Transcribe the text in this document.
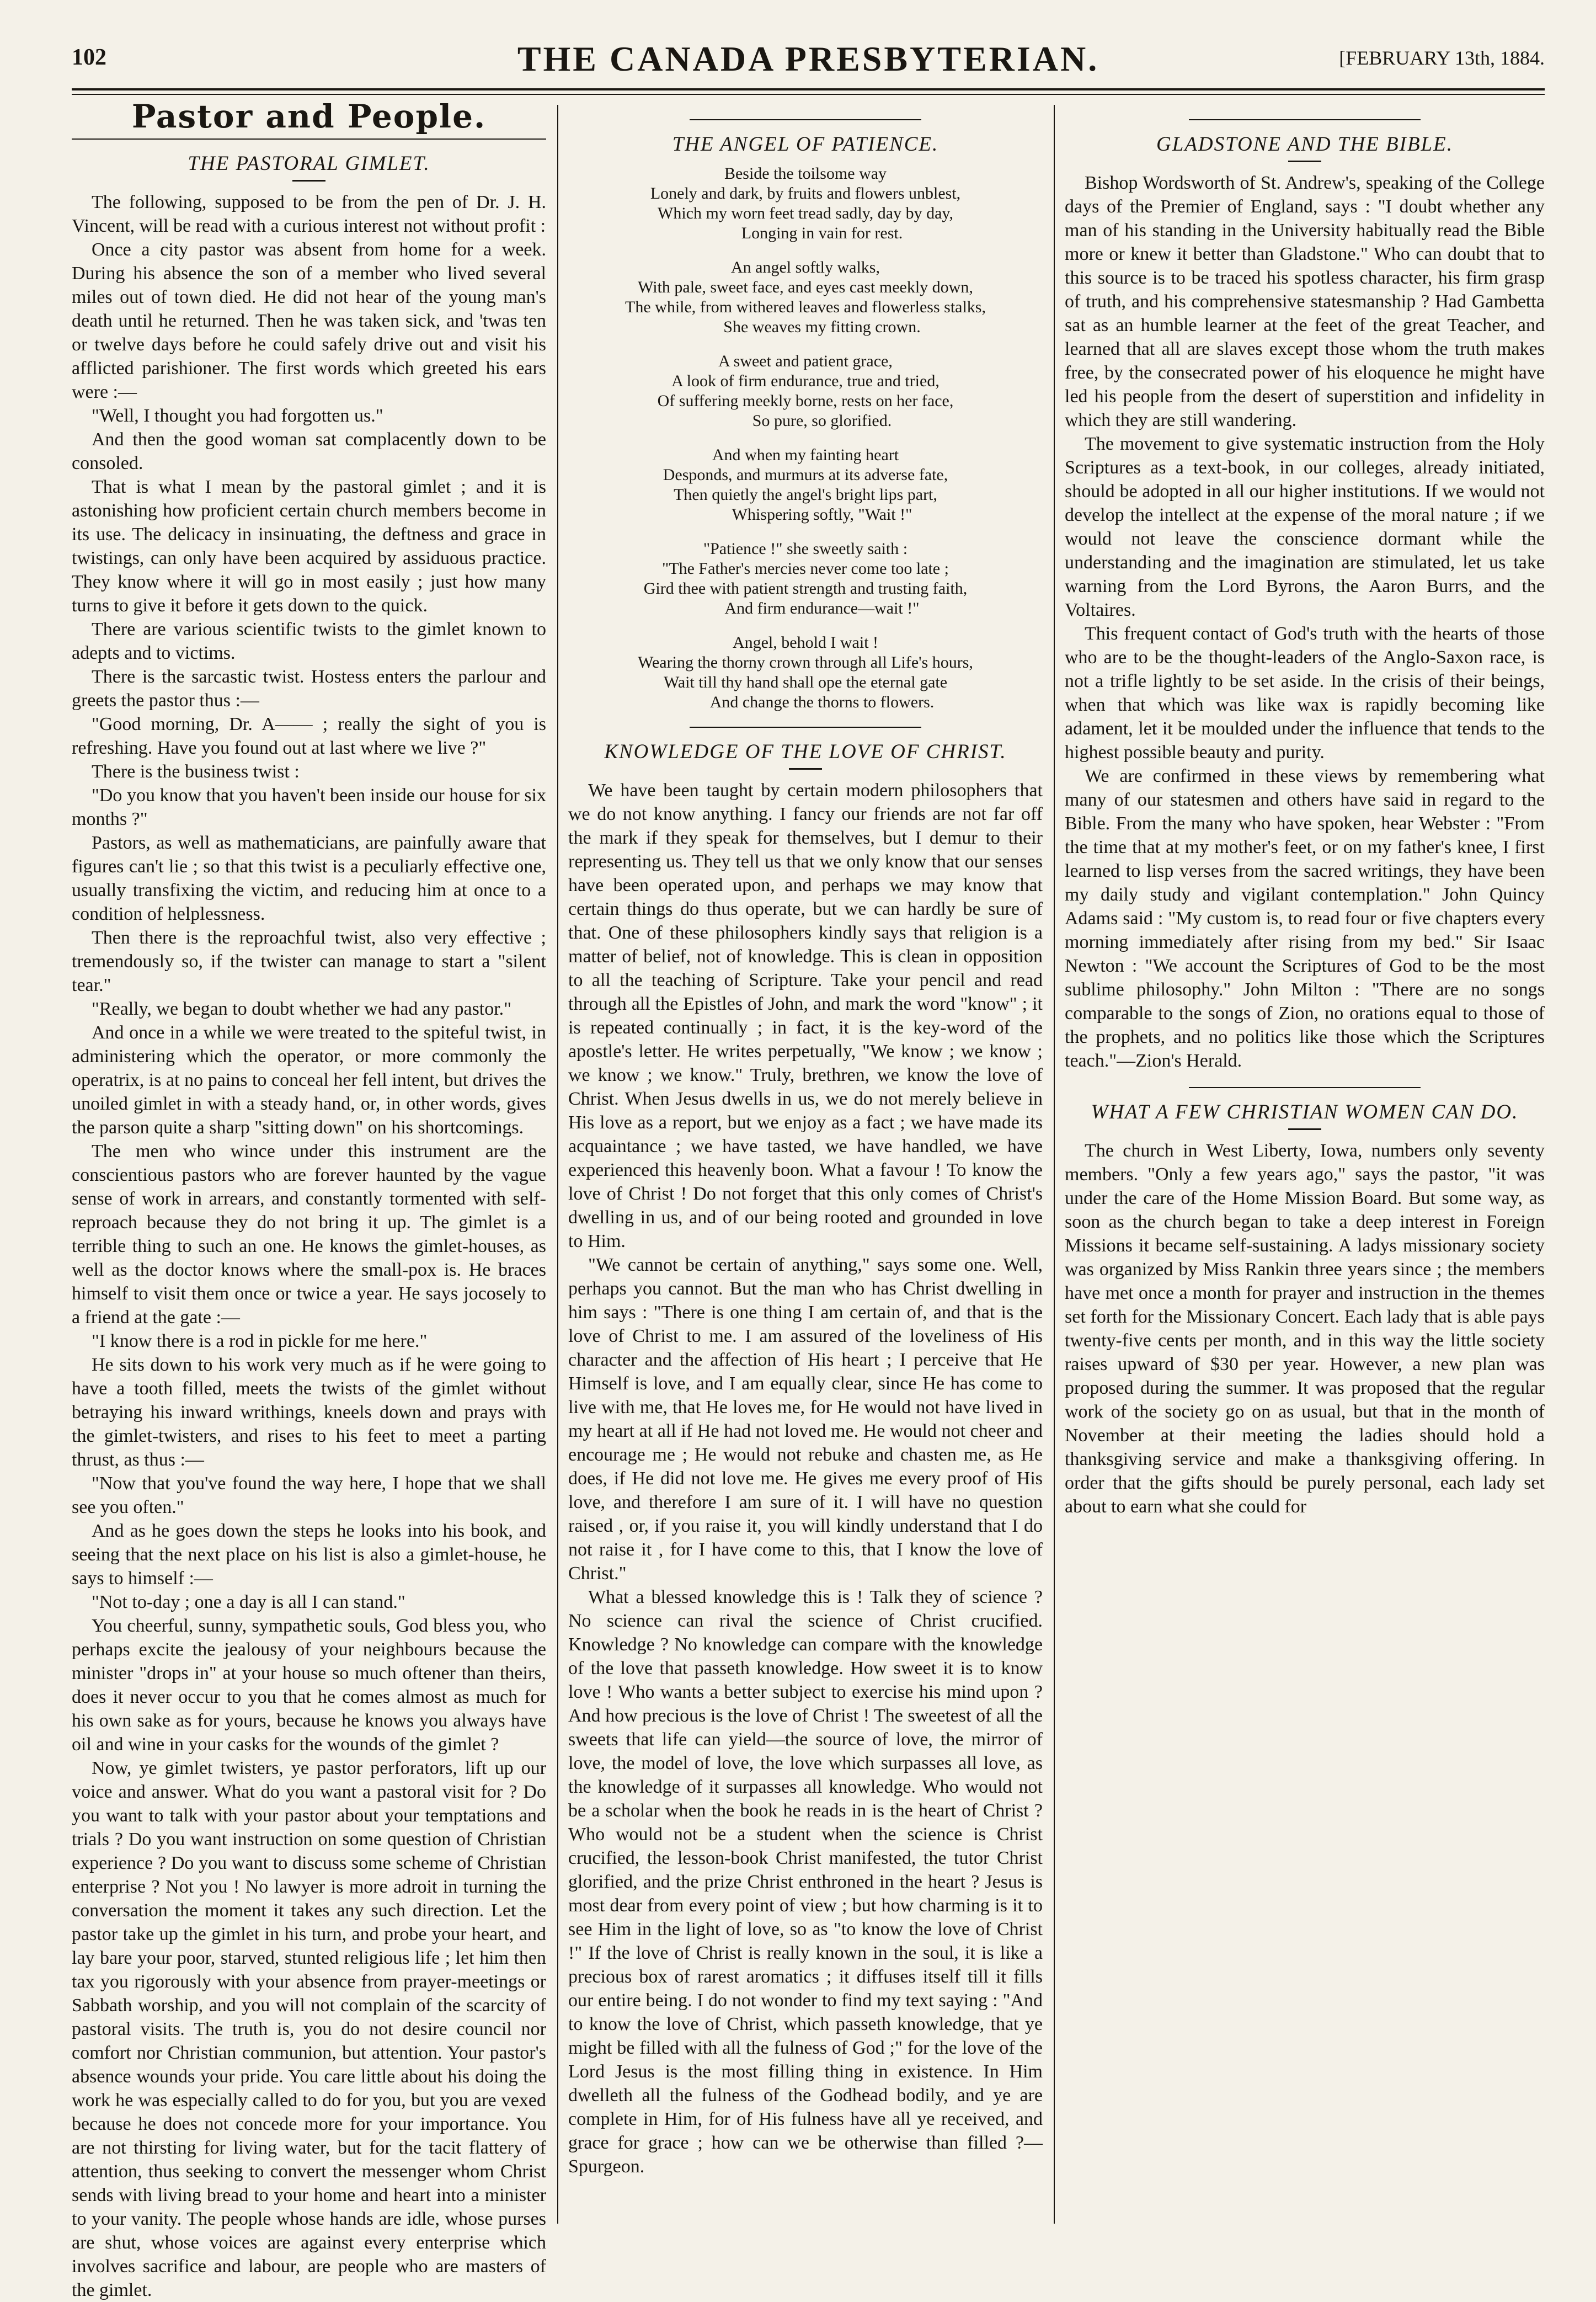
102	THE CANADA PRESBYTERIAN.	[FEBRUARY 13th, 1884.
Pastor and People.
THE PASTORAL GIMLET.

The following, supposed to be from the pen of Dr. J. H. Vincent, will be read with a curious interest not without profit :

Once a city pastor was absent from home for a week. During his absence the son of a member who lived several miles out of town died. He did not hear of the young man's death until he returned. Then he was taken sick, and 'twas ten or twelve days before he could safely drive out and visit his afflicted parishioner. The first words which greeted his ears were :—

"Well, I thought you had forgotten us."

And then the good woman sat complacently down to be consoled.

That is what I mean by the pastoral gimlet ; and it is astonishing how proficient certain church members become in its use. The delicacy in insinuating, the deftness and grace in twistings, can only have been acquired by assiduous practice. They know where it will go in most easily ; just how many turns to give it before it gets down to the quick.

There are various scientific twists to the gimlet known to adepts and to victims.

There is the sarcastic twist. Hostess enters the parlour and greets the pastor thus :—

"Good morning, Dr. A—— ; really the sight of you is refreshing. Have you found out at last where we live ?"

There is the business twist :

"Do you know that you haven't been inside our house for six months ?"

Pastors, as well as mathematicians, are painfully aware that figures can't lie ; so that this twist is a peculiarly effective one, usually transfixing the victim, and reducing him at once to a condition of helplessness.

Then there is the reproachful twist, also very effective ; tremendously so, if the twister can manage to start a "silent tear."

"Really, we began to doubt whether we had any pastor."

And once in a while we were treated to the spiteful twist, in administering which the operator, or more commonly the operatrix, is at no pains to conceal her fell intent, but drives the unoiled gimlet in with a steady hand, or, in other words, gives the parson quite a sharp "sitting down" on his shortcomings.

The men who wince under this instrument are the conscientious pastors who are forever haunted by the vague sense of work in arrears, and constantly tormented with self-reproach because they do not bring it up. The gimlet is a terrible thing to such an one. He knows the gimlet-houses, as well as the doctor knows where the small-pox is. He braces himself to visit them once or twice a year. He says jocosely to a friend at the gate :—

"I know there is a rod in pickle for me here."

He sits down to his work very much as if he were going to have a tooth filled, meets the twists of the gimlet without betraying his inward writhings, kneels down and prays with the gimlet-twisters, and rises to his feet to meet a parting thrust, as thus :—

"Now that you've found the way here, I hope that we shall see you often."

And as he goes down the steps he looks into his book, and seeing that the next place on his list is also a gimlet-house, he says to himself :—

"Not to-day ; one a day is all I can stand."

You cheerful, sunny, sympathetic souls, God bless you, who perhaps excite the jealousy of your neighbours because the minister "drops in" at your house so much oftener than theirs, does it never occur to you that he comes almost as much for his own sake as for yours, because he knows you always have oil and wine in your casks for the wounds of the gimlet ?

Now, ye gimlet twisters, ye pastor perforators, lift up our voice and answer. What do you want a pastoral visit for ? Do you want to talk with your pastor about your temptations and trials ? Do you want instruction on some question of Christian experience ? Do you want to discuss some scheme of Christian enterprise ? Not you ! No lawyer is more adroit in turning the conversation the moment it takes any such direction. Let the pastor take up the gimlet in his turn, and probe your heart, and lay bare your poor, starved, stunted religious life ; let him then tax you rigorously with your absence from prayer-meetings or Sabbath worship, and you will not complain of the scarcity of pastoral visits. The truth is, you do not desire council nor comfort nor Christian communion, but attention. Your pastor's absence wounds your pride. You care little about his doing the work he was especially called to do for you, but you are vexed because he does not concede more for your importance. You are not thirsting for living water, but for the tacit flattery of attention, thus seeking to convert the messenger whom Christ sends with living bread to your home and heart into a minister to your vanity. The people whose hands are idle, whose purses are shut, whose voices are against every enterprise which involves sacrifice and labour, are people who are masters of the gimlet.

THE ANGEL OF PATIENCE.
Beside the toilsome way
Lonely and dark, by fruits and flowers unblest,
Which my worn feet tread sadly, day by day,
Longing in vain for rest.
An angel softly walks,
With pale, sweet face, and eyes cast meekly down,
The while, from withered leaves and flowerless stalks,
She weaves my fitting crown.
A sweet and patient grace,
A look of firm endurance, true and tried,
Of suffering meekly borne, rests on her face,
So pure, so glorified.
And when my fainting heart
Desponds, and murmurs at its adverse fate,
Then quietly the angel's bright lips part,
Whispering softly, "Wait !"
"Patience !" she sweetly saith :
"The Father's mercies never come too late ;
Gird thee with patient strength and trusting faith,
And firm endurance—wait !"
Angel, behold I wait !
Wearing the thorny crown through all Life's hours,
Wait till thy hand shall ope the eternal gate
And change the thorns to flowers.
KNOWLEDGE OF THE LOVE OF CHRIST.

We have been taught by certain modern philosophers that we do not know anything. I fancy our friends are not far off the mark if they speak for themselves, but I demur to their representing us. They tell us that we only know that our senses have been operated upon, and perhaps we may know that certain things do thus operate, but we can hardly be sure of that. One of these philosophers kindly says that religion is a matter of belief, not of knowledge. This is clean in opposition to all the teaching of Scripture. Take your pencil and read through all the Epistles of John, and mark the word "know" ; it is repeated continually ; in fact, it is the key-word of the apostle's letter. He writes perpetually, "We know ; we know ; we know ; we know." Truly, brethren, we know the love of Christ. When Jesus dwells in us, we do not merely believe in His love as a report, but we enjoy as a fact ; we have made its acquaintance ; we have tasted, we have handled, we have experienced this heavenly boon. What a favour ! To know the love of Christ ! Do not forget that this only comes of Christ's dwelling in us, and of our being rooted and grounded in love to Him.

"We cannot be certain of anything," says some one. Well, perhaps you cannot. But the man who has Christ dwelling in him says : "There is one thing I am certain of, and that is the love of Christ to me. I am assured of the loveliness of His character and the affection of His heart ; I perceive that He Himself is love, and I am equally clear, since He has come to live with me, that He loves me, for He would not have lived in my heart at all if He had not loved me. He would not cheer and encourage me ; He would not rebuke and chasten me, as He does, if He did not love me. He gives me every proof of His love, and therefore I am sure of it. I will have no question raised , or, if you raise it, you will kindly understand that I do not raise it , for I have come to this, that I know the love of Christ."

What a blessed knowledge this is ! Talk they of science ? No science can rival the science of Christ crucified. Knowledge ? No knowledge can compare with the knowledge of the love that passeth knowledge. How sweet it is to know love ! Who wants a better subject to exercise his mind upon ? And how precious is the love of Christ ! The sweetest of all the sweets that life can yield—the source of love, the mirror of love, the model of love, the love which surpasses all love, as the knowledge of it surpasses all knowledge. Who would not be a scholar when the book he reads in is the heart of Christ ? Who would not be a student when the science is Christ crucified, the lesson-book Christ manifested, the tutor Christ glorified, and the prize Christ enthroned in the heart ? Jesus is most dear from every point of view ; but how charming is it to see Him in the light of love, so as "to know the love of Christ !" If the love of Christ is really known in the soul, it is like a precious box of rarest aromatics ; it diffuses itself till it fills our entire being. I do not wonder to find my text saying : "And to know the love of Christ, which passeth knowledge, that ye might be filled with all the fulness of God ;" for the love of the Lord Jesus is the most filling thing in existence. In Him dwelleth all the fulness of the Godhead bodily, and ye are complete in Him, for of His fulness have all ye received, and grace for grace ; how can we be otherwise than filled ?—Spurgeon.

GLADSTONE AND THE BIBLE.

Bishop Wordsworth of St. Andrew's, speaking of the College days of the Premier of England, says : "I doubt whether any man of his standing in the University habitually read the Bible more or knew it better than Gladstone." Who can doubt that to this source is to be traced his spotless character, his firm grasp of truth, and his comprehensive statesmanship ? Had Gambetta sat as an humble learner at the feet of the great Teacher, and learned that all are slaves except those whom the truth makes free, by the consecrated power of his eloquence he might have led his people from the desert of superstition and infidelity in which they are still wandering.

The movement to give systematic instruction from the Holy Scriptures as a text-book, in our colleges, already initiated, should be adopted in all our higher institutions. If we would not develop the intellect at the expense of the moral nature ; if we would not leave the conscience dormant while the understanding and the imagination are stimulated, let us take warning from the Lord Byrons, the Aaron Burrs, and the Voltaires.

This frequent contact of God's truth with the hearts of those who are to be the thought-leaders of the Anglo-Saxon race, is not a trifle lightly to be set aside. In the crisis of their beings, when that which was like wax is rapidly becoming like adament, let it be moulded under the influence that tends to the highest possible beauty and purity.

We are confirmed in these views by remembering what many of our statesmen and others have said in regard to the Bible. From the many who have spoken, hear Webster : "From the time that at my mother's feet, or on my father's knee, I first learned to lisp verses from the sacred writings, they have been my daily study and vigilant contemplation." John Quincy Adams said : "My custom is, to read four or five chapters every morning immediately after rising from my bed." Sir Isaac Newton : "We account the Scriptures of God to be the most sublime philosophy." John Milton : "There are no songs comparable to the songs of Zion, no orations equal to those of the prophets, and no politics like those which the Scriptures teach."—Zion's Herald.

WHAT A FEW CHRISTIAN WOMEN CAN DO.

The church in West Liberty, Iowa, numbers only seventy members. "Only a few years ago," says the pastor, "it was under the care of the Home Mission Board. But some way, as soon as the church began to take a deep interest in Foreign Missions it became self-sustaining. A ladys missionary society was organized by Miss Rankin three years since ; the members have met once a month for prayer and instruction in the themes set forth for the Missionary Concert. Each lady that is able pays twenty-five cents per month, and in this way the little society raises upward of $30 per year. However, a new plan was proposed during the summer. It was proposed that the regular work of the society go on as usual, but that in the month of November at their meeting the ladies should hold a thanksgiving service and make a thanksgiving offering. In order that the gifts should be purely personal, each lady set about to earn what she could for
